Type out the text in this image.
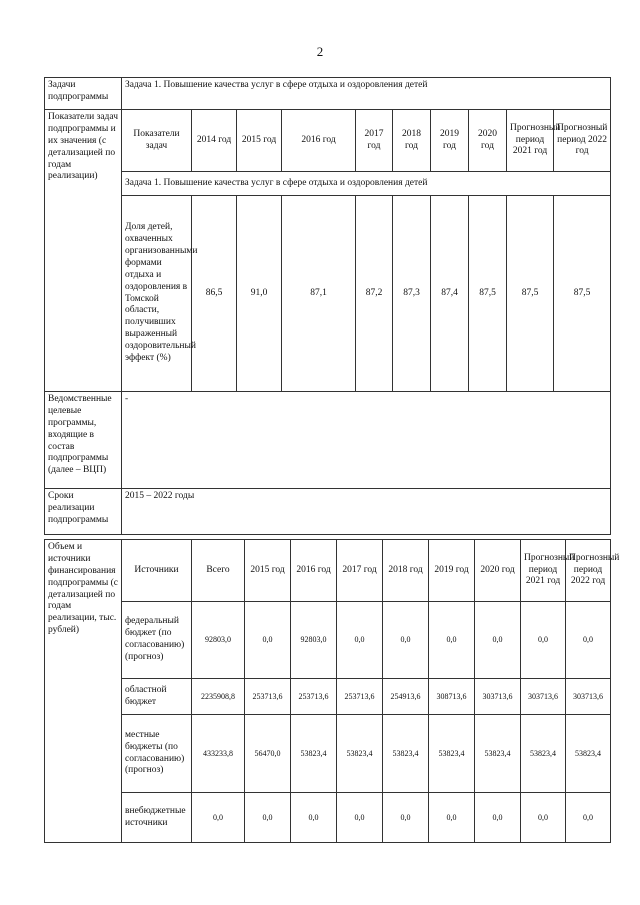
2
Задачи подпрограммы	Задача 1. Повышение качества услуг в сфере отдыха и оздоровления детей									
Показатели задач подпрограммы и их значения (с детализацией по годам реализации)	Показатели задач	2014 год	2015 год	2016 год	2017 год	2018 год	2019 год	2020 год	Прогнозный период 2021 год	Прогнозный период 2022 год
	Задача 1. Повышение качества услуг в сфере отдыха и оздоровления детей									
	Доля детей, охваченных организованными формами отдыха и оздоровления в Томской области, получивших выраженный оздоровительный эффект (%)	86,5	91,0	87,1	87,2	87,3	87,4	87,5	87,5	87,5
Ведомственные целевые программы, входящие в состав подпрограммы (далее – ВЦП)	-									
Сроки реализации подпрограммы	2015 – 2022 годы									
Объем и источники финансирования подпрограммы (с детализацией по годам реализации, тыс. рублей)	Источники	Всего	2015 год	2016 год	2017 год	2018 год	2019 год	2020 год	Прогнозный период 2021 год	Прогнозный период 2022 год
	федеральный бюджет (по согласованию) (прогноз)	92803,0	0,0	92803,0	0,0	0,0	0,0	0,0	0,0	0,0
	областной бюджет	2235908,8	253713,6	253713,6	253713,6	254913,6	308713,6	303713,6	303713,6	303713,6
	местные бюджеты (по согласованию) (прогноз)	433233,8	56470,0	53823,4	53823,4	53823,4	53823,4	53823,4	53823,4	53823,4
	внебюджетные источники	0,0	0,0	0,0	0,0	0,0	0,0	0,0	0,0	0,0
